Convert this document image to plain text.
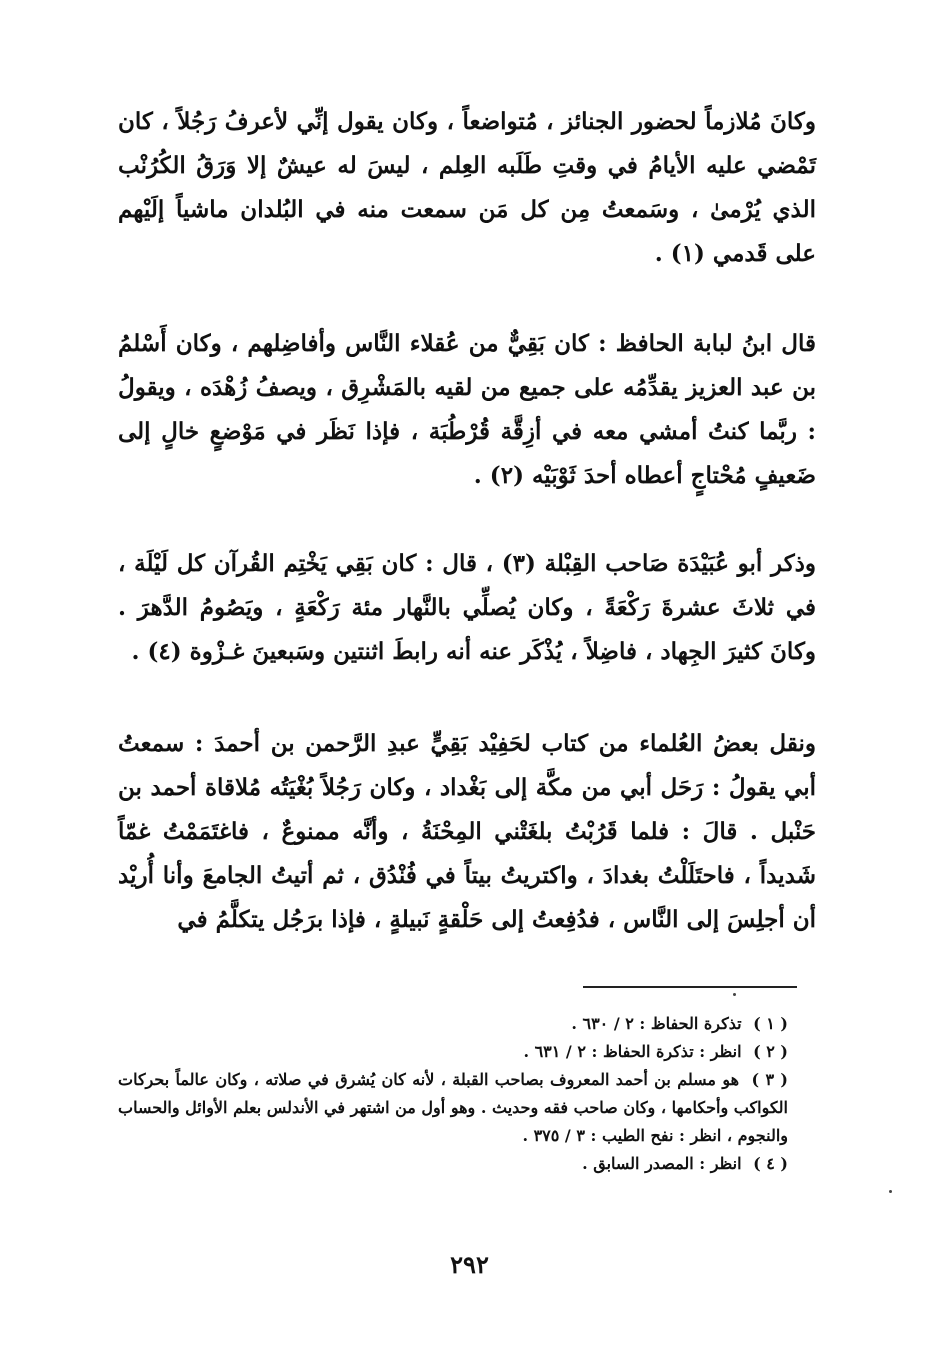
وكانَ مُلازماً لحضور الجنائز ، مُتواضعاً ، وكان يقول إنِّي لأعرفُ رَجُلاً ، كان تَمْضي عليه الأيامُ في وقتِ طَلَبه العِلم ، ليسَ له عيشٌ إلا وَرَقُ الكُرُنْب الذي يُرْمىٰ ، وسَمعتُ مِن كل مَن سمعت منه في البُلدان ماشياً إلَيْهم على قَدمي (١) .

قال ابنُ لبابة الحافظ : كان بَقِيٌّ من عُقلاء النَّاس وأفاضِلهم ، وكان أَسْلمُ بن عبد العزيز يقدِّمُه على جميع من لقيه بالمَشْرِق ، ويصفُ زُهْدَه ، ويقولُ : ربَّما كنتُ أمشي معه في أزِقَّة قُرْطُبَة ، فإذا نَظَر في مَوْضعٍ خالٍ إلى ضَعيفٍ مُحْتاجٍ أعطاه أحدَ ثَوْبَيْه (٢) .

وذكر أبو عُبَيْدَة صَاحب القِبْلة (٣) ، قال : كان بَقِي يَخْتِم القُرآن كل لَيْلَة ، في ثلاثَ عشرةَ رَكْعَةً ، وكان يُصلِّي بالنَّهار مئة رَكْعَةٍ ، ويَصُومُ الدَّهرَ . وكانَ كثيرَ الجِهاد ، فاضِلاً ، يُذْكَر عنه أنه رابطَ اثنتين وسَبعينَ غـزْوة (٤) .

ونقل بعضُ العُلماء من كتاب لحَفِيْد بَقِيٍّ عبدِ الرَّحمن بن أحمدَ : سمعتُ أبي يقولُ : رَحَل أبي من مكَّة إلى بَغْداد ، وكان رَجُلاً بُغْيَتُه مُلاقاة أحمد بن حَنْبل . قالَ : فلما قَرُبْتُ بلغَتْني المِحْنَةُ ، وأنَّه ممنوعٌ ، فاغتَمَمْتُ غمّاً شَديداً ، فاحتَلَلْتُ بغدادَ ، واكتريتُ بيتاً في فُنْدُق ، ثم أتيتُ الجامعَ وأنا أُريْد أن أجلِسَ إلى النَّاس ، فدُفِعتُ إلى حَلْقةٍ نَبيلةٍ ، فإذا برَجُل يتكلَّمُ في

( ١ ) تذكرة الحفاظ : ٢ / ٦٣٠ .

( ٢ ) انظر : تذكرة الحفاظ : ٢ / ٦٣١ .

( ٣ ) هو مسلم بن أحمد المعروف بصاحب القبلة ، لأنه كان يُشرق في صلاته ، وكان عالماً بحركات الكواكب وأحكامها ، وكان صاحب فقه وحديث . وهو أول من اشتهر في الأندلس بعلم الأوائل والحساب والنجوم ، انظر : نفح الطيب : ٣ / ٣٧٥ .

( ٤ ) انظر : المصدر السابق .

٢٩٢
